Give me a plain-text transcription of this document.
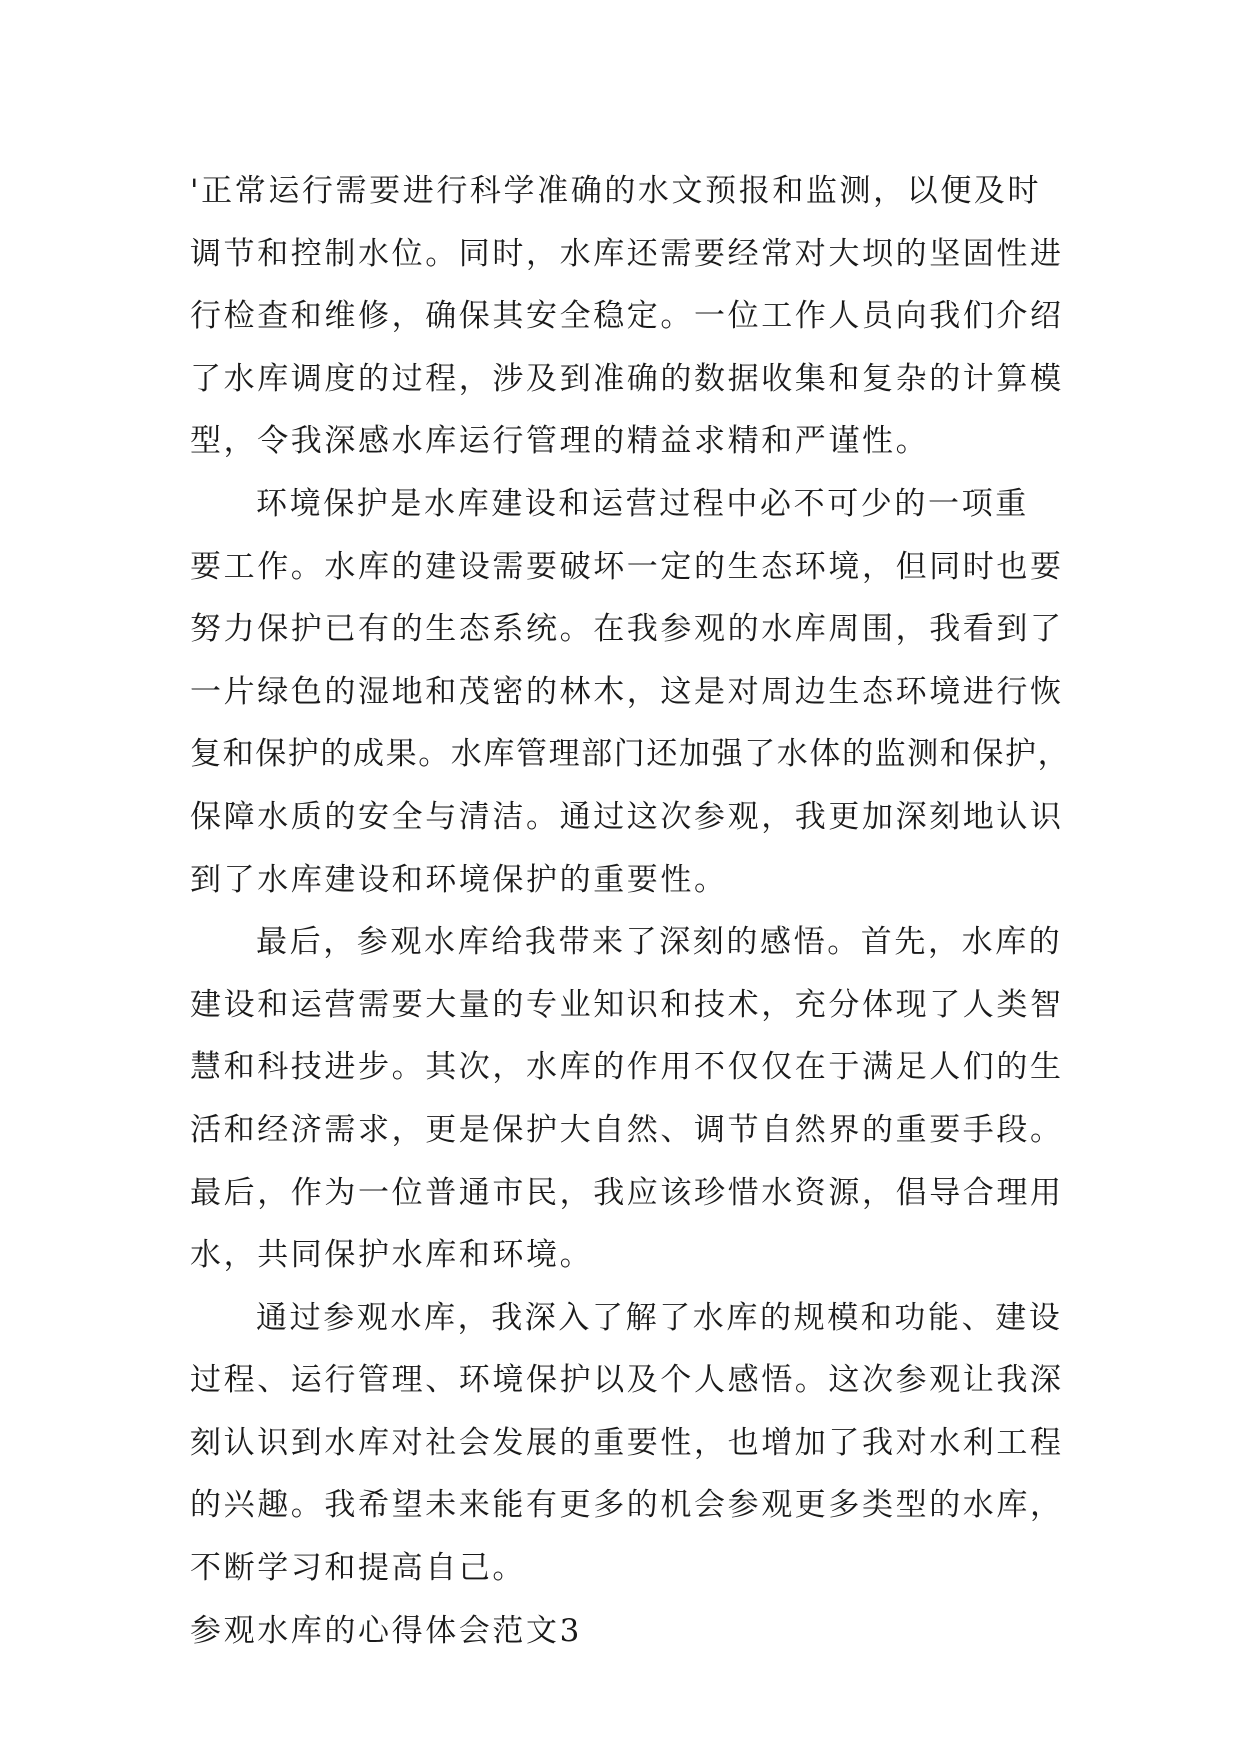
'正常运行需要进行科学准确的水文预报和监测，以便及时
调节和控制水位。同时，水库还需要经常对大坝的坚固性进
行检查和维修，确保其安全稳定。一位工作人员向我们介绍
了水库调度的过程，涉及到准确的数据收集和复杂的计算模
型，令我深感水库运行管理的精益求精和严谨性。
环境保护是水库建设和运营过程中必不可少的一项重
要工作。水库的建设需要破坏一定的生态环境，但同时也要
努力保护已有的生态系统。在我参观的水库周围，我看到了
一片绿色的湿地和茂密的林木，这是对周边生态环境进行恢
复和保护的成果。水库管理部门还加强了水体的监测和保护，
保障水质的安全与清洁。通过这次参观，我更加深刻地认识
到了水库建设和环境保护的重要性。
最后，参观水库给我带来了深刻的感悟。首先，水库的
建设和运营需要大量的专业知识和技术，充分体现了人类智
慧和科技进步。其次，水库的作用不仅仅在于满足人们的生
活和经济需求，更是保护大自然、调节自然界的重要手段。
最后，作为一位普通市民，我应该珍惜水资源，倡导合理用
水，共同保护水库和环境。
通过参观水库，我深入了解了水库的规模和功能、建设
过程、运行管理、环境保护以及个人感悟。这次参观让我深
刻认识到水库对社会发展的重要性，也增加了我对水利工程
的兴趣。我希望未来能有更多的机会参观更多类型的水库，
不断学习和提高自己。
参观水库的心得体会范文3
